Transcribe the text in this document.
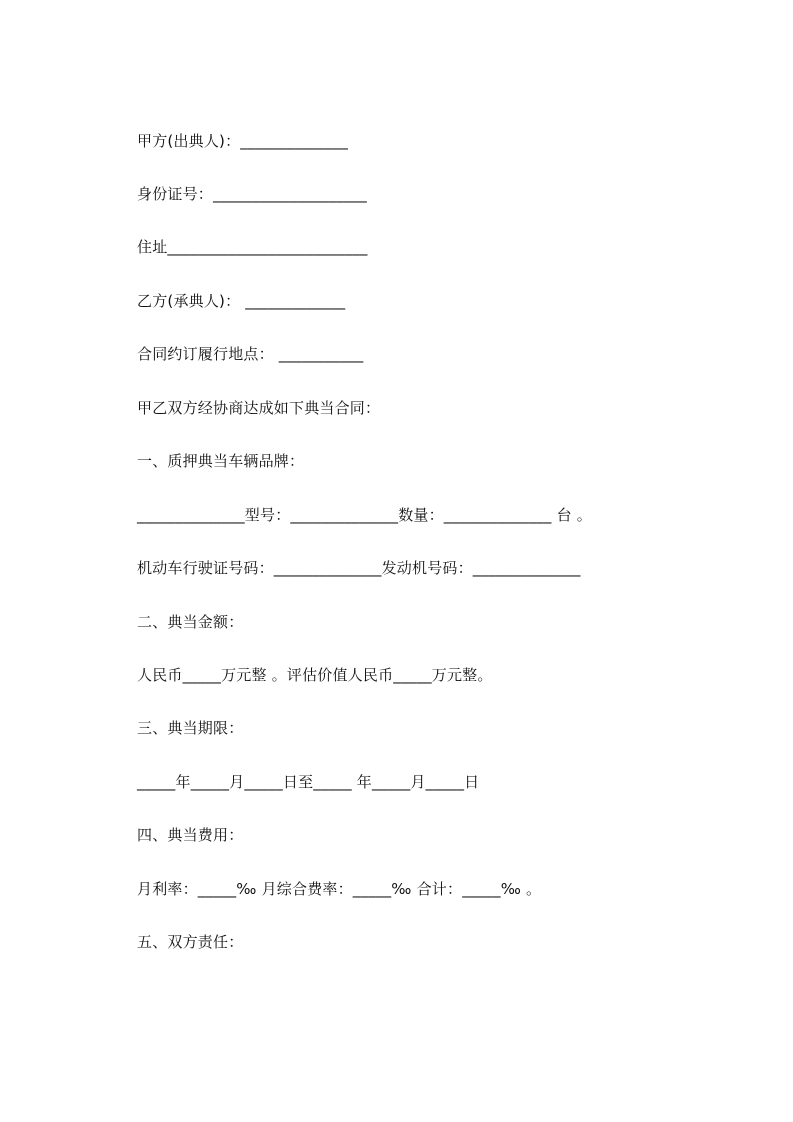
甲方(出典人)：______________
身份证号：____________________
住址__________________________
乙方(承典人)： _____________
合同约订履行地点： ___________
甲乙双方经协商达成如下典当合同：
一、质押典当车辆品牌：
______________型号：______________数量：______________ 台 。
机动车行驶证号码：______________发动机号码：______________
二、典当金额：
人民币_____万元整 。评估价值人民币_____万元整。
三、典当期限：
_____年_____月_____日至_____ 年_____月_____日
四、典当费用：
月利率：_____‰ 月综合费率：_____‰ 合计：_____‰ 。
五、双方责任：
